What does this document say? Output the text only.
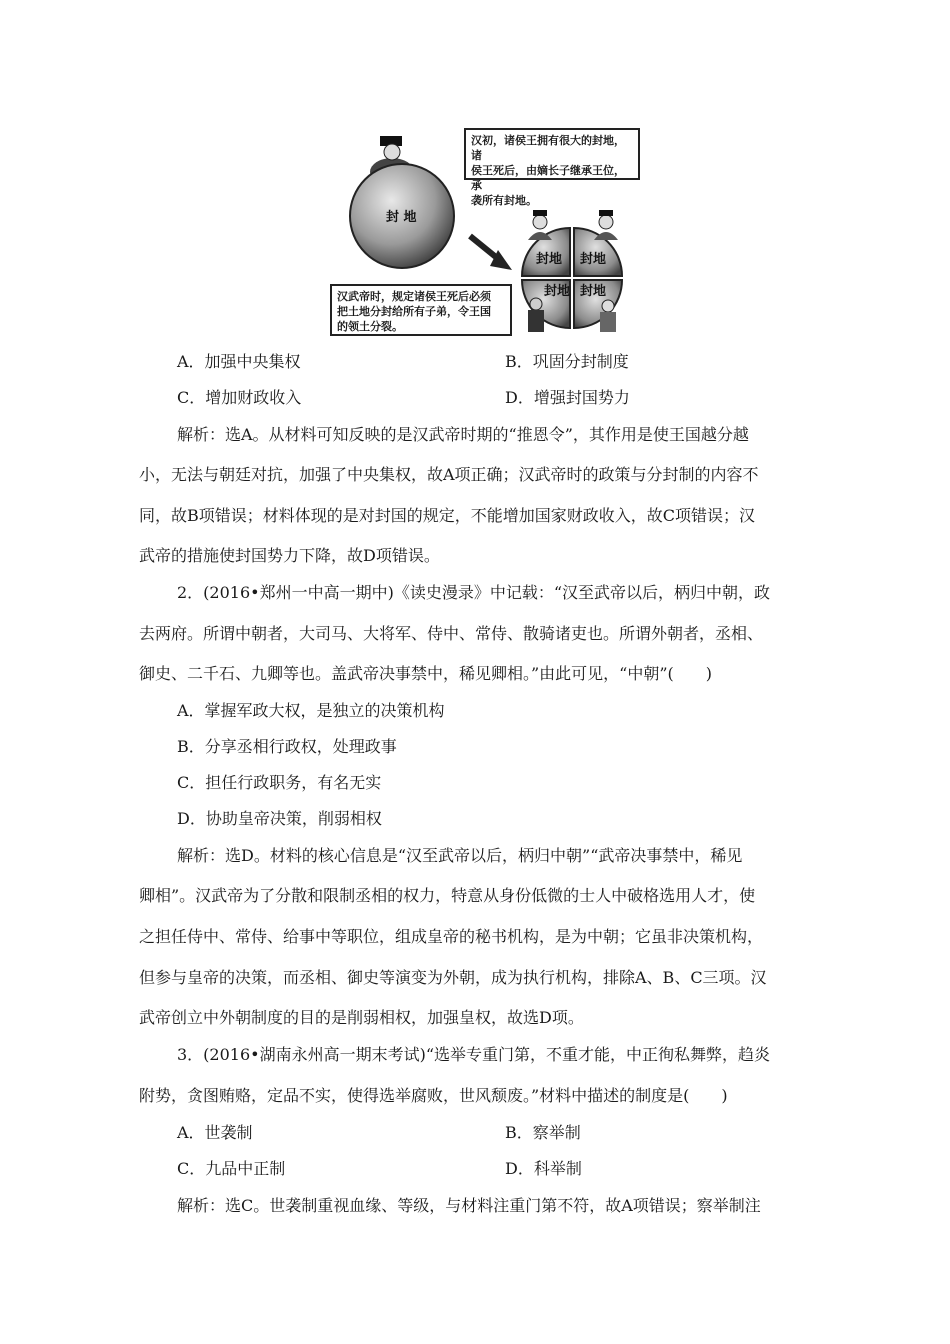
汉初，诸侯王拥有很大的封地，诸
侯王死后，由嫡长子继承王位，承
袭所有封地。
汉武帝时，规定诸侯王死后必须
把土地分封给所有子弟，令王国
的领土分裂。
封 地
封地 封地
封地 封地
A．加强中央集权	B．巩固分封制度
C．增加财政收入	D．增强封国势力
解析：选A。从材料可知反映的是汉武帝时期的“推恩令”，其作用是使王国越分越
小，无法与朝廷对抗，加强了中央集权，故A项正确；汉武帝时的政策与分封制的内容不
同，故B项错误；材料体现的是对封国的规定，不能增加国家财政收入，故C项错误；汉
武帝的措施使封国势力下降，故D项错误。
2．(2016•郑州一中高一期中)《读史漫录》中记载：“汉至武帝以后，柄归中朝，政
去两府。所谓中朝者，大司马、大将军、侍中、常侍、散骑诸吏也。所谓外朝者，丞相、
御史、二千石、九卿等也。盖武帝决事禁中，稀见卿相。”由此可见，“中朝”(　　)
A．掌握军政大权，是独立的决策机构
B．分享丞相行政权，处理政事
C．担任行政职务，有名无实
D．协助皇帝决策，削弱相权
解析：选D。材料的核心信息是“汉至武帝以后，柄归中朝”“武帝决事禁中，稀见
卿相”。汉武帝为了分散和限制丞相的权力，特意从身份低微的士人中破格选用人才，使
之担任侍中、常侍、给事中等职位，组成皇帝的秘书机构，是为中朝；它虽非决策机构，
但参与皇帝的决策，而丞相、御史等演变为外朝，成为执行机构，排除A、B、C三项。汉
武帝创立中外朝制度的目的是削弱相权，加强皇权，故选D项。
3．(2016•湖南永州高一期末考试)“选举专重门第，不重才能，中正徇私舞弊，趋炎
附势，贪图贿赂，定品不实，使得选举腐败，世风颓废。”材料中描述的制度是(　　)
A．世袭制	B．察举制
C．九品中正制	D．科举制
解析：选C。世袭制重视血缘、等级，与材料注重门第不符，故A项错误；察举制注
